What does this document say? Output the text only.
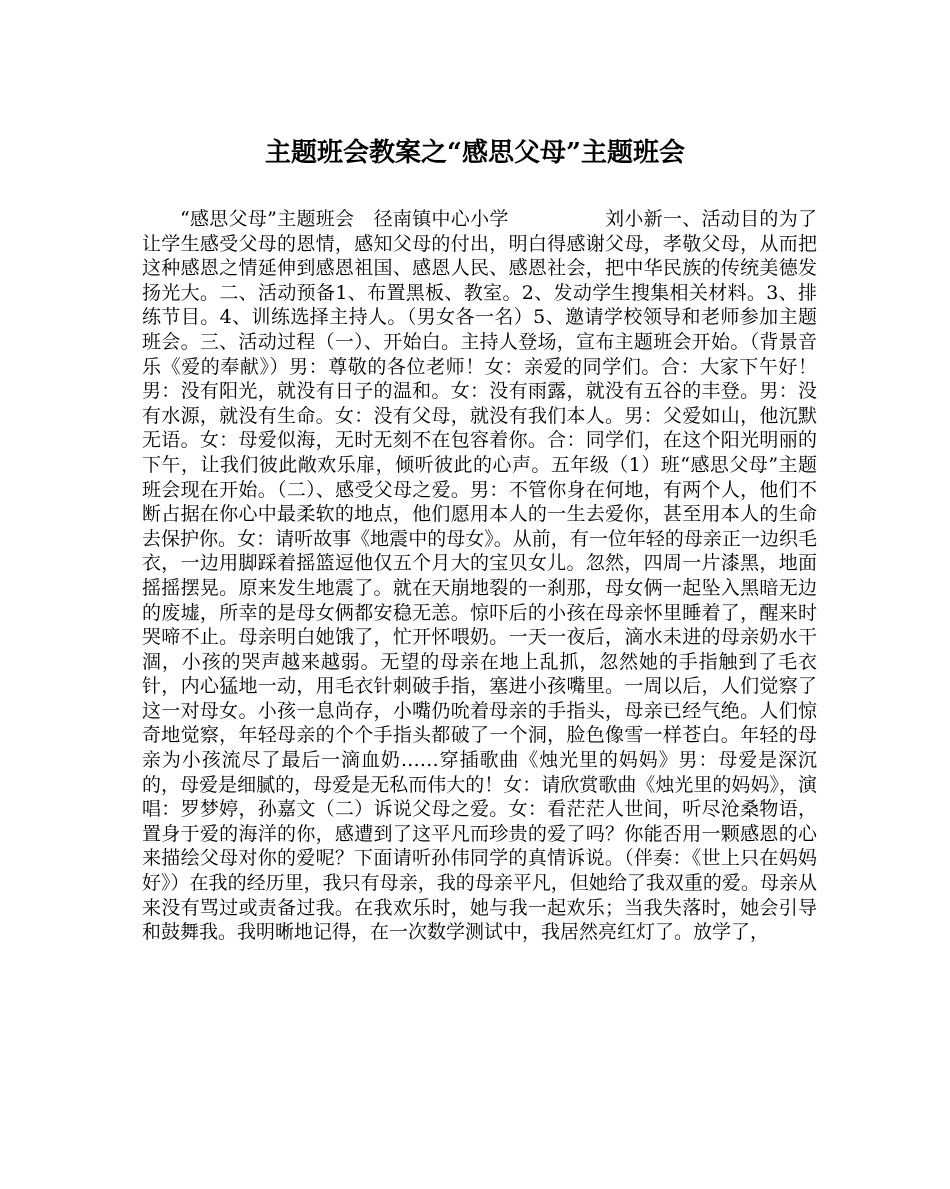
主题班会教案之“感思父母”主题班会

“感思父母”主题班会　径南镇中心小学　　　　　刘小新一、活动目的为了让学生感受父母的恩情，感知父母的付出，明白得感谢父母，孝敬父母，从而把这种感恩之情延伸到感恩祖国、感恩人民、感恩社会，把中华民族的传统美德发扬光大。二、活动预备1、布置黑板、教室。2、发动学生搜集相关材料。3、排练节目。4、训练选择主持人。（男女各一名）5、邀请学校领导和老师参加主题班会。三、活动过程（一）、开始白。主持人登场，宣布主题班会开始。（背景音乐《爱的奉献》）男：尊敬的各位老师！女：亲爱的同学们。合：大家下午好！男：没有阳光，就没有日子的温和。女：没有雨露，就没有五谷的丰登。男：没有水源，就没有生命。女：没有父母，就没有我们本人。男：父爱如山，他沉默无语。女：母爱似海，无时无刻不在包容着你。合：同学们，在这个阳光明丽的下午，让我们彼此敞欢乐扉，倾听彼此的心声。五年级（1）班“感思父母”主题班会现在开始。（二）、感受父母之爱。男：不管你身在何地，有两个人，他们不断占据在你心中最柔软的地点，他们愿用本人的一生去爱你，甚至用本人的生命去保护你。女：请听故事《地震中的母女》。从前，有一位年轻的母亲正一边织毛衣，一边用脚踩着摇篮逗他仅五个月大的宝贝女儿。忽然，四周一片漆黑，地面摇摇摆晃。原来发生地震了。就在天崩地裂的一刹那，母女俩一起坠入黑暗无边的废墟，所幸的是母女俩都安稳无恙。惊吓后的小孩在母亲怀里睡着了，醒来时哭啼不止。母亲明白她饿了，忙开怀喂奶。一天一夜后，滴水未进的母亲奶水干涸，小孩的哭声越来越弱。无望的母亲在地上乱抓，忽然她的手指触到了毛衣针，内心猛地一动，用毛衣针刺破手指，塞进小孩嘴里。一周以后，人们觉察了这一对母女。小孩一息尚存，小嘴仍吮着母亲的手指头，母亲已经气绝。人们惊奇地觉察，年轻母亲的个个手指头都破了一个洞，脸色像雪一样苍白。年轻的母亲为小孩流尽了最后一滴血奶……穿插歌曲《烛光里的妈妈》男：母爱是深沉的，母爱是细腻的，母爱是无私而伟大的！女：请欣赏歌曲《烛光里的妈妈》，演唱：罗梦婷，孙嘉文（二）诉说父母之爱。女：看茫茫人世间，听尽沧桑物语，置身于爱的海洋的你，感遭到了这平凡而珍贵的爱了吗？你能否用一颗感恩的心来描绘父母对你的爱呢？下面请听孙伟同学的真情诉说。（伴奏：《世上只在妈妈好》）在我的经历里，我只有母亲，我的母亲平凡，但她给了我双重的爱。母亲从来没有骂过或责备过我。在我欢乐时，她与我一起欢乐；当我失落时，她会引导和鼓舞我。我明晰地记得，在一次数学测试中，我居然亮红灯了。放学了，
